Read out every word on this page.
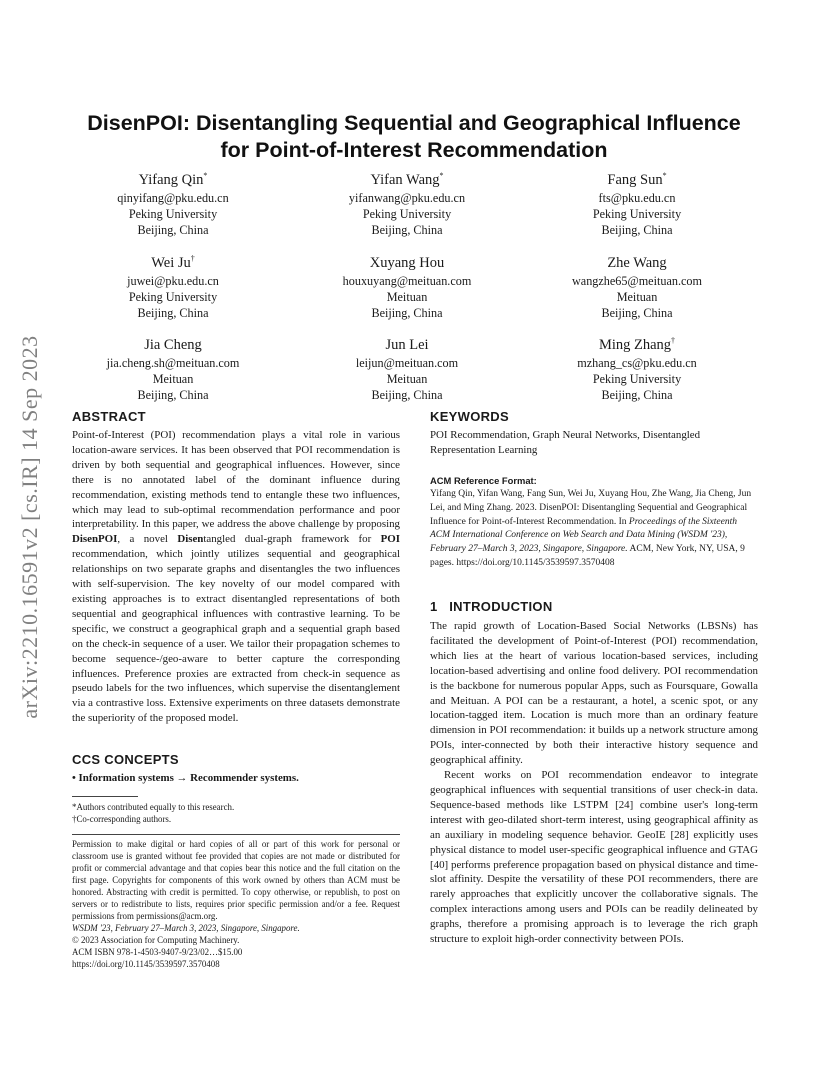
arXiv:2210.16591v2 [cs.IR] 14 Sep 2023
DisenPOI: Disentangling Sequential and Geographical Influence
for Point-of-Interest Recommendation
Yifang Qin*
qinyifang@pku.edu.cn
Peking University
Beijing, China
Yifan Wang*
yifanwang@pku.edu.cn
Peking University
Beijing, China
Fang Sun*
fts@pku.edu.cn
Peking University
Beijing, China
Wei Ju†
juwei@pku.edu.cn
Peking University
Beijing, China
Xuyang Hou
houxuyang@meituan.com
Meituan
Beijing, China
Zhe Wang
wangzhe65@meituan.com
Meituan
Beijing, China
Jia Cheng
jia.cheng.sh@meituan.com
Meituan
Beijing, China
Jun Lei
leijun@meituan.com
Meituan
Beijing, China
Ming Zhang†
mzhang_cs@pku.edu.cn
Peking University
Beijing, China
ABSTRACT

Point-of-Interest (POI) recommendation plays a vital role in various location-aware services. It has been observed that POI recommendation is driven by both sequential and geographical influences. However, since there is no annotated label of the dominant influence during recommendation, existing methods tend to entangle these two influences, which may lead to sub-optimal recommendation performance and poor interpretability. In this paper, we address the above challenge by proposing DisenPOI, a novel Disentangled dual-graph framework for POI recommendation, which jointly utilizes sequential and geographical relationships on two separate graphs and disentangles the two influences with self-supervision. The key novelty of our model compared with existing approaches is to extract disentangled representations of both sequential and geographical influences with contrastive learning. To be specific, we construct a geographical graph and a sequential graph based on the check-in sequence of a user. We tailor their propagation schemes to become sequence-/geo-aware to better capture the corresponding influences. Preference proxies are extracted from check-in sequence as pseudo labels for the two influences, which supervise the disentanglement via a contrastive loss. Extensive experiments on three datasets demonstrate the superiority of the proposed model.

CCS CONCEPTS
• Information systems → Recommender systems.

*Authors contributed equally to this research.

†Co-corresponding authors.

Permission to make digital or hard copies of all or part of this work for personal or classroom use is granted without fee provided that copies are not made or distributed for profit or commercial advantage and that copies bear this notice and the full citation on the first page. Copyrights for components of this work owned by others than ACM must be honored. Abstracting with credit is permitted. To copy otherwise, or republish, to post on servers or to redistribute to lists, requires prior specific permission and/or a fee. Request permissions from permissions@acm.org.

WSDM '23, February 27–March 3, 2023, Singapore, Singapore.

© 2023 Association for Computing Machinery.

ACM ISBN 978-1-4503-9407-9/23/02…$15.00

https://doi.org/10.1145/3539597.3570408

KEYWORDS

POI Recommendation, Graph Neural Networks, Disentangled Representation Learning

ACM Reference Format:

Yifang Qin, Yifan Wang, Fang Sun, Wei Ju, Xuyang Hou, Zhe Wang, Jia Cheng, Jun Lei, and Ming Zhang. 2023. DisenPOI: Disentangling Sequential and Geographical Influence for Point-of-Interest Recommendation. In Proceedings of the Sixteenth ACM International Conference on Web Search and Data Mining (WSDM '23), February 27–March 3, 2023, Singapore, Singapore. ACM, New York, NY, USA, 9 pages. https://doi.org/10.1145/3539597.3570408

1   INTRODUCTION

The rapid growth of Location-Based Social Networks (LBSNs) has facilitated the development of Point-of-Interest (POI) recommendation, which lies at the heart of various location-based services, including location-based advertising and online food delivery. POI recommendation is the backbone for numerous popular Apps, such as Foursquare, Gowalla and Meituan. A POI can be a restaurant, a hotel, a scenic spot, or any location-tagged item. Location is much more than an ordinary feature dimension in POI recommendation: it builds up a network structure among POIs, inter-connected by both their interactive history sequence and geographical affinity.

Recent works on POI recommendation endeavor to integrate geographical influences with sequential transitions of user check-in data. Sequence-based methods like LSTPM [24] combine user's long-term interest with geo-dilated short-term interest, using geographical affinity as an auxiliary in modeling sequence behavior. GeoIE [28] explicitly uses physical distance to model user-specific geographical influence and GTAG [40] performs preference propagation based on physical distance and time-slot affinity. Despite the versatility of these POI recommenders, there are rarely approaches that explicitly uncover the collaborative signals. The complex interactions among users and POIs can be readily delineated by graphs, therefore a promising approach is to leverage the rich graph structure to exploit high-order connectivity between POIs.
